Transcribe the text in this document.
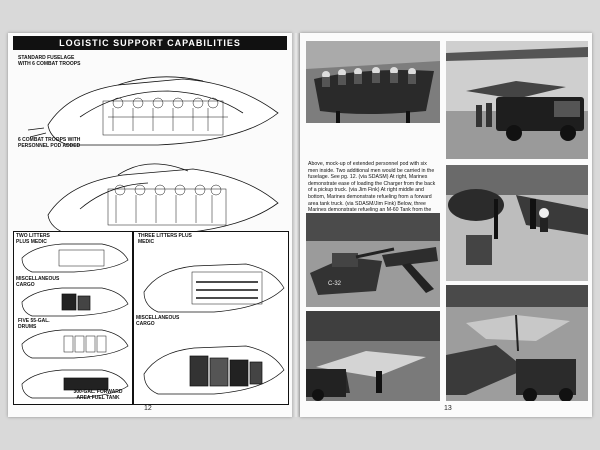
LOGISTIC SUPPORT CAPABILITIES
STANDARD FUSELAGE WITH 6 COMBAT TROOPS
6 COMBAT TROOPS WITH PERSONNEL POD ADDED
TWO LITTERS PLUS MEDIC
MISCELLANEOUS CARGO
FIVE 55-GAL. DRUMS
300-GAL. FORWARD AREA FUEL TANK
THREE LITTERS PLUS MEDIC
MISCELLANEOUS CARGO
12
Above, mock-up of extended personnel pod with six men inside. Two additional men would be carried in the fuselage. See pg. 12. (via SDASM) At right, Marines demonstrate ease of loading the Charger from the back of a pickup truck. (via Jim Fink) At right middle and bottom, Marines demonstrate refueling from a forward area tank truck. (via SDASM/Jim Fink) Below, three Marines demonstrate refueling an M-60 Tank from the
C-32
13
